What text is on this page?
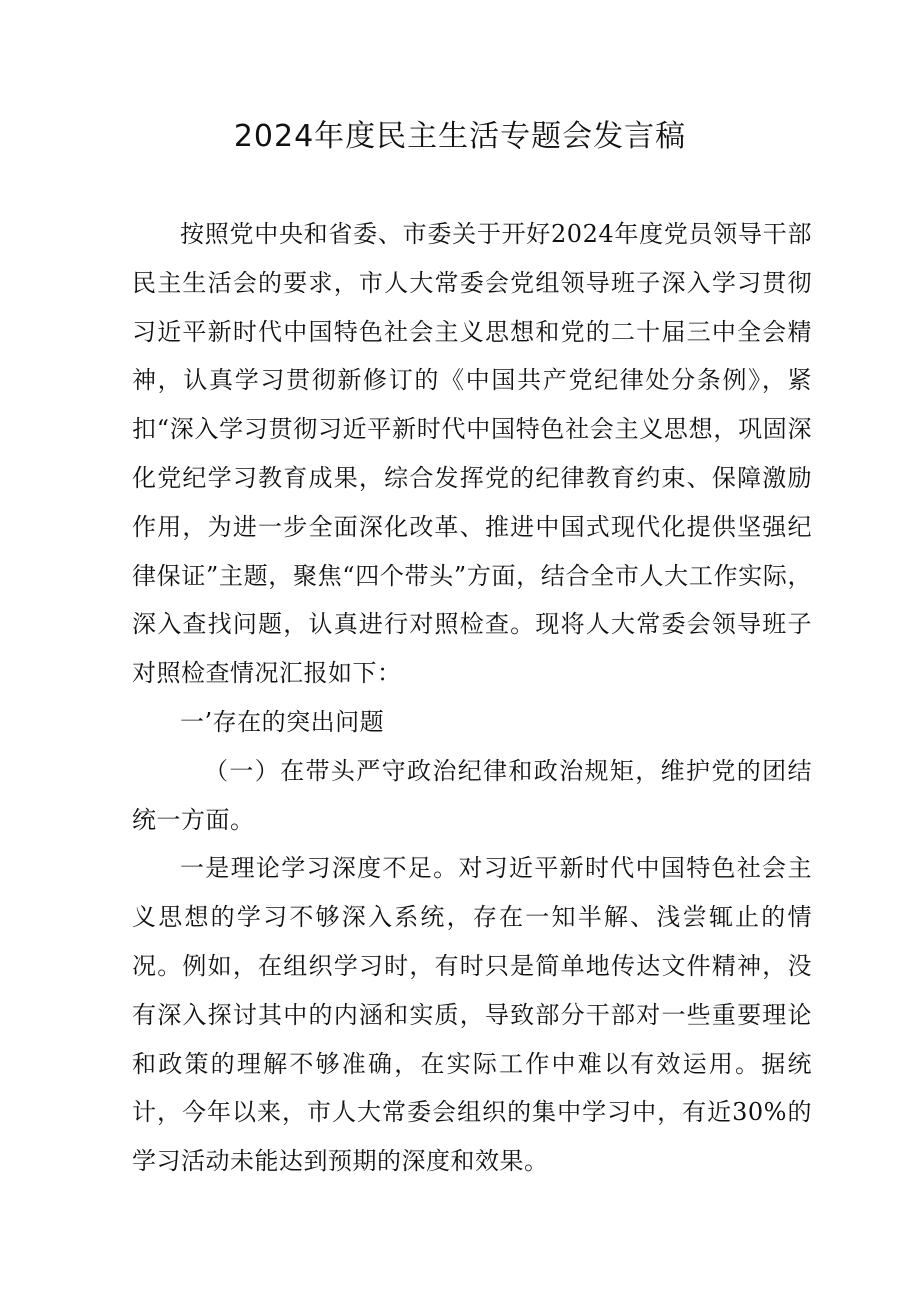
2024年度民主生活专题会发言稿

按照党中央和省委、市委关于开好2024年度党员领导干部民主生活会的要求，市人大常委会党组领导班子深入学习贯彻习近平新时代中国特色社会主义思想和党的二十届三中全会精神，认真学习贯彻新修订的《中国共产党纪律处分条例》，紧扣“深入学习贯彻习近平新时代中国特色社会主义思想，巩固深化党纪学习教育成果，综合发挥党的纪律教育约束、保障激励作用，为进一步全面深化改革、推进中国式现代化提供坚强纪律保证”主题，聚焦“四个带头”方面，结合全市人大工作实际，深入查找问题，认真进行对照检查。现将人大常委会领导班子对照检查情况汇报如下：

一’存在的突出问题

（一）在带头严守政治纪律和政治规矩，维护党的团结统一方面。

一是理论学习深度不足。对习近平新时代中国特色社会主义思想的学习不够深入系统，存在一知半解、浅尝辄止的情况。例如，在组织学习时，有时只是简单地传达文件精神，没有深入探讨其中的内涵和实质，导致部分干部对一些重要理论和政策的理解不够准确，在实际工作中难以有效运用。据统计，今年以来，市人大常委会组织的集中学习中，有近30%的学习活动未能达到预期的深度和效果。
